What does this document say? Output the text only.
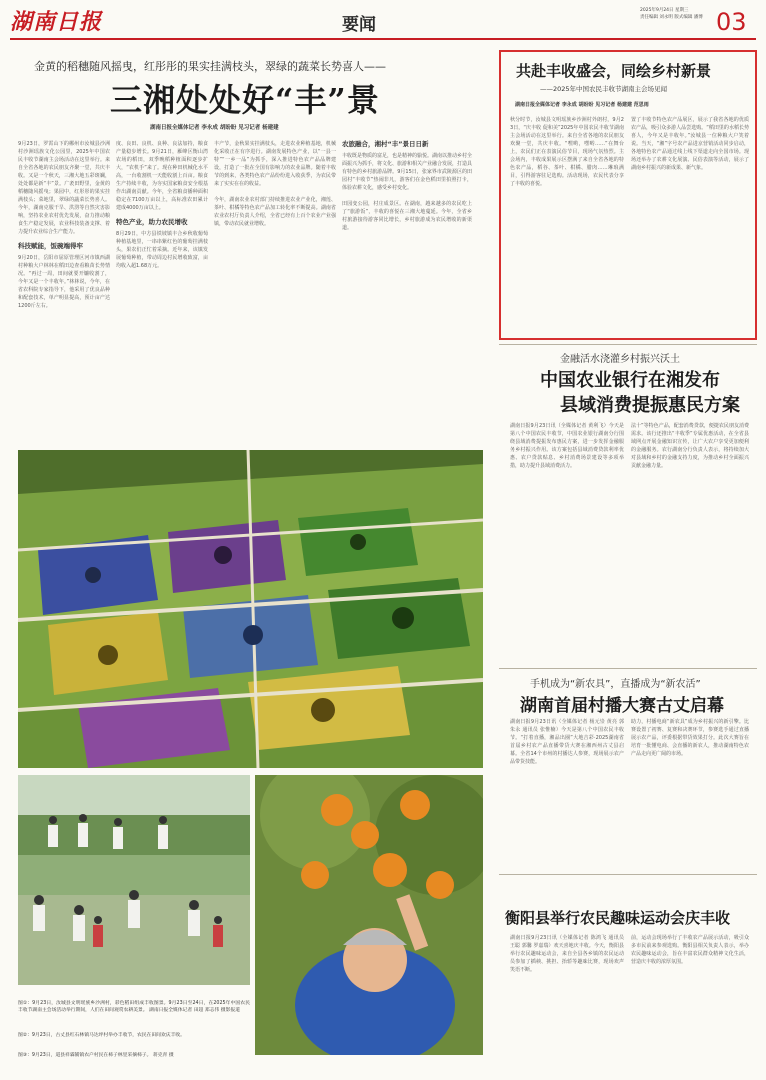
湖南日报	要闻
2025年9月24日 星期三
责任编辑 刘永明 版式编辑 潘博 03
金黄的稻穗随风摇曳，红彤彤的果实挂满枝头，翠绿的蔬菜长势喜人——
三湘处处好“丰”景
湖南日报全媒体记者 李永成 胡盼盼 见习记者 杨建建
9月23日，罗霄山下的郴州市汝城县沙洲村沙洲瑶族文化公园里，2025年中国农民丰收节湖南主会场活动在这里举行。来自全省各地的农民朋友齐聚一堂，共庆丰收。又是一个秋天，三湘大地五彩斑斓，处处都是新“丰”景。广袤田野里，金黄的稻穗随风摇曳；果园中，红彤彤的果实挂满枝头；菜地里，翠绿的蔬菜长势喜人。今年，湖南克服干旱、洪涝等自然灾害影响，坚持农业农村优先发展，奋力推动粮食生产稳定发展，农业科技装备支撑、着力提升农业综合生产能力。
科技赋能，饭碗端得牢
9月20日，岳阳市屈原管理区河市镇西湖村种粮大户林林在稻田边查看粮苗长势情况。“再过一周，田间就要开镰收割了，今年又是一个丰收年。”林林说，今年，在省农科院专家指导下，他采用了优良品种和配套技术，单产明显提高，预计亩产达1200斤左右。
度、良田、良机、良种、良法加持，粮食产量稳步增长。9月21日，雁峰区衡山湾农场的稻田，双季晚稻种植面积逐步扩大，“农机手”来了。现在种田机械化水平高，一台收割机一天能收割上百亩。粮食生产持续丰收，为夯实国家粮食安全根基作出湖南贡献。今年，全省粮食播种面积稳定在7100万亩以上，高标准农田累计建成4000万亩以上。
特色产业，助力农民增收
8月29日，中方县铁坡镇丰合乡秋收葡萄种植基地里，一串串紫红色的葡萄挂满枝头，果农们正忙着采摘。近年来，该镇发展葡萄种植，带动周边村民增收致富，亩均收入超1.68万元。
丰产节，金秋果实挂满枝头，走进农业种植基地，机械化采收正在有序进行。湖南发展特色产业，以“一县一特”“一乡一品”为抓手，深入推进特色农产品品牌建设，打造了一批在全国有影响力的农业品牌。随着丰收节的到来，各类特色农产品纷纷进入收获季，为农民带来了实实在在的收益。

今年，湖南农业农村部门持续推进农业产业化，湘莲、茶叶、柑橘等特色农产品加工转化率不断提高。湖南省农业农村厅负责人介绍，全省已经有上百个农业产业强镇，带动农民就业增收。
农旅融合，湘村“丰”景日日新
丰收既是物质的富足，也是精神的愉悦。湖南以推动乡村全面振兴为抓手，将文化、旅游和相关产业融合发展，打造具有特色的乡村旅游品牌。9月15日，张家界市武陵源区的田园村“丰收节”热闹非凡，游客们在金色稻田里拍照打卡，体验农耕文化，感受乡村变化。

田园变公园，村庄成景区。在湖南，越来越多的农民吃上了“旅游饭”，丰收的喜悦在三湘大地蔓延。今年，全省乡村旅游接待游客同比增长，乡村旅游成为农民增收的新渠道。
共赴丰收盛会，同绘乡村新景
——2025年中国农民丰收节湖南主会场见闻
湖南日报全媒体记者 李永成 胡盼盼 见习记者 杨建建 范思雨
秋分时节，汝城县文明瑶族乡沙洲村外朗村，9月23日，“庆丰收 促和美”2025年中国农民丰收节湖南主会场活动在这里举行。来自全省各地的农民朋友欢聚一堂，共庆丰收。“嘿哟，嘿哟……”在舞台上，农民们正在表演民俗节目，现场气氛热烈。主会场内，丰收成果展示区摆满了来自全省各地的特色农产品，稻谷、茶叶、柑橘、腊肉……琳琅满目，引得游客驻足选购。活动现场，农民代表分享了丰收的喜悦。
置了丰收节特色农产品展区，展示了我省各地的优质农产品，吸引众多游人品尝选购。“稻田里的水稻长势喜人，今年又是丰收年。”汝城县一位种粮大户笑着说。当天，“湘”字号农产品进京营销活动同步启动，各地特色农产品通过线上线下渠道走向全国市场。现场还举办了农耕文化展演、民俗表演等活动，展示了湖南乡村振兴的新成果、新气象。
金融活水浇灌乡村振兴沃土
中国农业银行在湘发布
县域消费提振惠民方案
湖南日报9月23日讯（全媒体记者 黄利飞）今天是第八个中国农民丰收节，中国农业银行湖南分行围绕县域消费提振发布惠民方案，进一步发挥金融服务乡村振兴作用。该方案包括县域消费贷款利率优惠、农户贷款贴息、乡村消费场景建设等多项举措，助力提升县域消费活力。
法十”等特色产品，配套消费贷款，便捷农民朋友消费需求。该行还推出“丰收季”专属优惠活动，在全省县域网点开展金融知识宣传，让广大农户享受更加便利的金融服务。农行湖南分行负责人表示，将持续加大对县域和乡村的金融支持力度，为推动乡村全面振兴贡献金融力量。
手机成为“新农具”，直播成为“新农活”
湖南首届村播大赛古丈启幕
湖南日报9月23日讯（全媒体记者 杨元崇 黄亮 郭朱永 通讯员 张惟楠）今天是第八个中国农民丰收节。“打着直播，湘品出圈”大地吉彩·2025湖南省首届乡村农产品直播带货大赛在湘西州古丈县启幕。全省14个市州的村播达人参赛，现场展示农产品带货技能。
助力，村播电商“新农具”成为乡村振兴的新引擎。比赛设置了初赛、复赛和决赛环节，参赛选手通过直播展示农产品，评委根据带货效果打分。此次大赛旨在培育一批懂电商、会直播的新农人，推动湖南特色农产品走向更广阔的市场。
衡阳县举行农民趣味运动会庆丰收
湖南日报9月23日讯（全媒体记者 陈鸿飞 通讯员 王聪 郭馨 罗嘉瑞）欢天喜地庆丰收。今天，衡阳县举行农民趣味运动会，来自全县各乡镇的农民运动员参加了插秧、挑担、抬轿等趣味比赛，现场欢声笑语不断。
前，运动会现场举行了丰收农产品展示活动，吸引众多市民前来参观选购。衡阳县相关负责人表示，举办农民趣味运动会，旨在丰富农民群众精神文化生活，营造庆丰收的浓厚氛围。
图①：9月23日，汝城县文明瑶族乡沙洲村，彩色稻田组成丰收图景。9月23日至24日，在2025年中国农民丰收节湖南主会场活动举行期间，人们在田间观赏农耕美景。 湖南日报全媒体记者 田超 郑志伟 摄影报道
图②：9月23日，古丈县红石林镇马达坪村举办丰收节，农民在田间欢庆丰收。
图③：9月23日，道县祥霖铺镇农户村民在柿子林里采摘柿子。 蒋克青 摄
